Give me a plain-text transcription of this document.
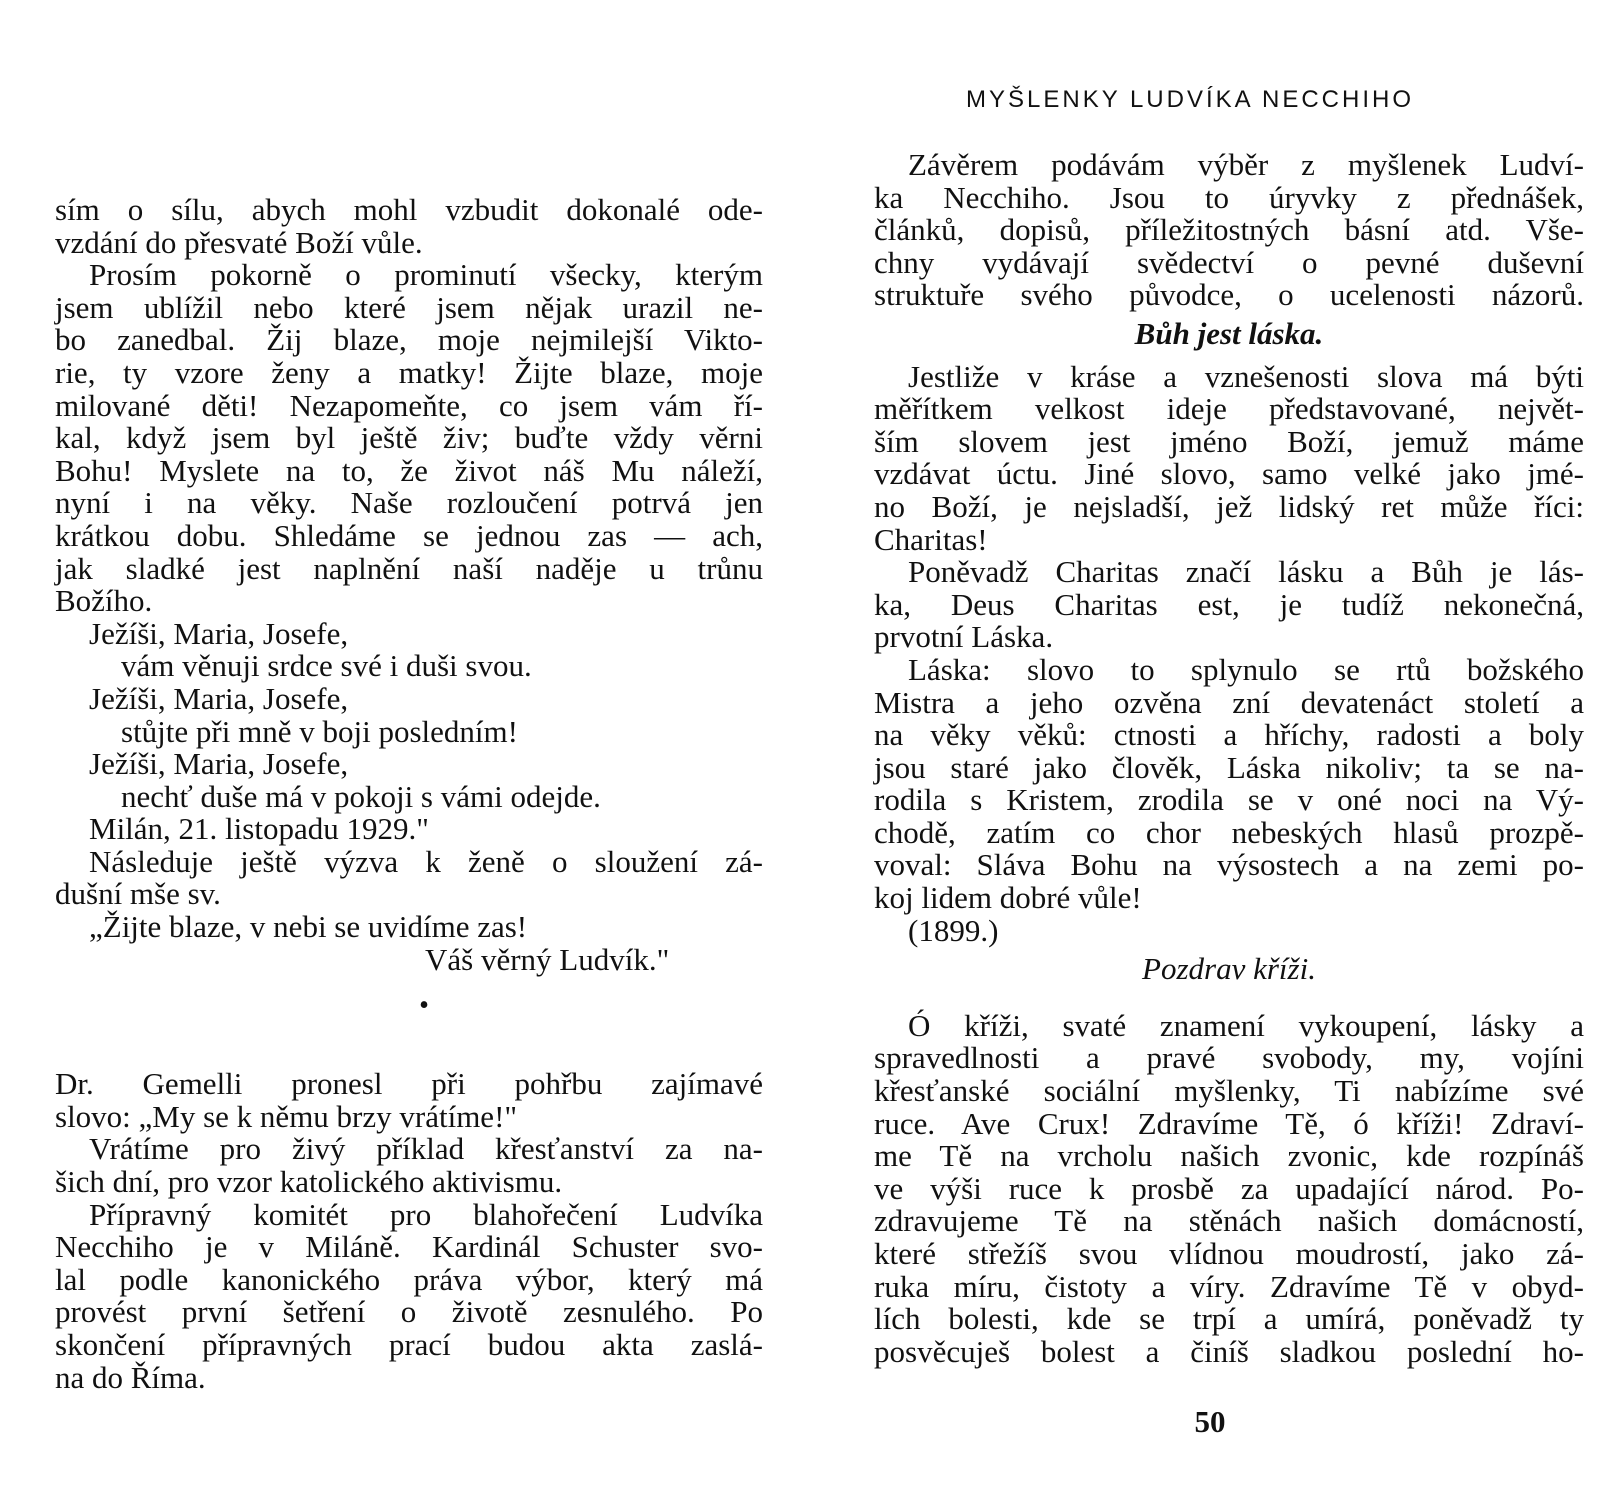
MYŠLENKY LUDVÍKA NECCHIHO
sím o sílu, abych mohl vzbudit dokonalé ode-
vzdání do přesvaté Boží vůle.
Prosím pokorně o prominutí všecky, kterým
jsem ublížil nebo které jsem nějak urazil ne-
bo zanedbal. Žij blaze, moje nejmilejší Vikto-
rie, ty vzore ženy a matky! Žijte blaze, moje
milované děti! Nezapomeňte, co jsem vám ří-
kal, když jsem byl ještě živ; buďte vždy věrni
Bohu! Myslete na to, že život náš Mu náleží,
nyní i na věky. Naše rozloučení potrvá jen
krátkou dobu. Shledáme se jednou zas — ach,
jak sladké jest naplnění naší naděje u trůnu
Božího.
Ježíši, Maria, Josefe,
vám věnuji srdce své i duši svou.
Ježíši, Maria, Josefe,
stůjte při mně v boji posledním!
Ježíši, Maria, Josefe,
nechť duše má v pokoji s vámi odejde.
Milán, 21. listopadu 1929."
Následuje ještě výzva k ženě o sloužení zá-
dušní mše sv.
„Žijte blaze, v nebi se uvidíme zas!
Váš věrný Ludvík."
•
Dr. Gemelli pronesl při pohřbu zajímavé
slovo: „My se k němu brzy vrátíme!"
Vrátíme pro živý příklad křesťanství za na-
šich dní, pro vzor katolického aktivismu.
Přípravný komitét pro blahořečení Ludvíka
Necchiho je v Miláně. Kardinál Schuster svo-
lal podle kanonického práva výbor, který má
provést první šetření o životě zesnulého. Po
skončení přípravných prací budou akta zaslá-
na do Říma.
Závěrem podávám výběr z myšlenek Ludví-
ka Necchiho. Jsou to úryvky z přednášek,
článků, dopisů, příležitostných básní atd. Vše-
chny vydávají svědectví o pevné duševní
struktuře svého původce, o ucelenosti názorů.
Bůh jest láska.
Jestliže v kráse a vznešenosti slova má býti
měřítkem velkost ideje představované, největ-
ším slovem jest jméno Boží, jemuž máme
vzdávat úctu. Jiné slovo, samo velké jako jmé-
no Boží, je nejsladší, jež lidský ret může říci:
Charitas!
Poněvadž Charitas značí lásku a Bůh je lás-
ka, Deus Charitas est, je tudíž nekonečná,
prvotní Láska.
Láska: slovo to splynulo se rtů božského
Mistra a jeho ozvěna zní devatenáct století a
na věky věků: ctnosti a hříchy, radosti a boly
jsou staré jako člověk, Láska nikoliv; ta se na-
rodila s Kristem, zrodila se v oné noci na Vý-
chodě, zatím co chor nebeských hlasů prozpě-
voval: Sláva Bohu na výsostech a na zemi po-
koj lidem dobré vůle!
(1899.)
Pozdrav kříži.
Ó kříži, svaté znamení vykoupení, lásky a
spravedlnosti a pravé svobody, my, vojíni
křesťanské sociální myšlenky, Ti nabízíme své
ruce. Ave Crux! Zdravíme Tě, ó kříži! Zdraví-
me Tě na vrcholu našich zvonic, kde rozpínáš
ve výši ruce k prosbě za upadající národ. Po-
zdravujeme Tě na stěnách našich domácností,
které střežíš svou vlídnou moudrostí, jako zá-
ruka míru, čistoty a víry. Zdravíme Tě v obyd-
lích bolesti, kde se trpí a umírá, poněvadž ty
posvěcuješ bolest a činíš sladkou poslední ho-
50
